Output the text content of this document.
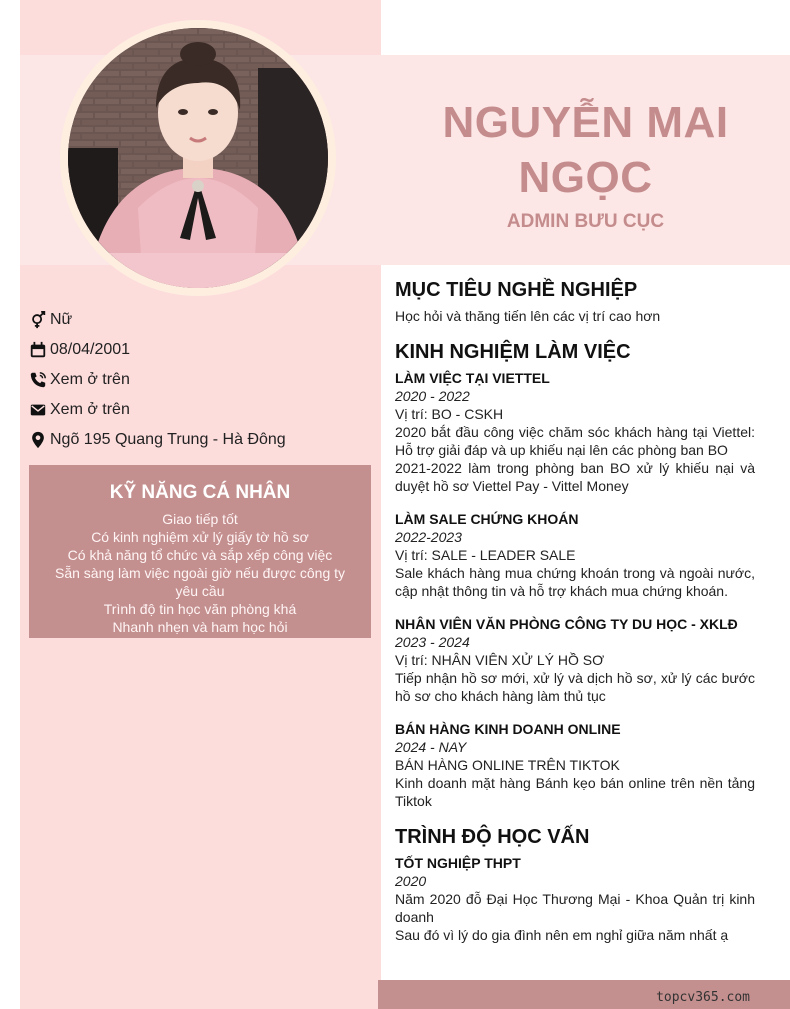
NGUYỄN MAI
NGỌC
ADMIN BƯU CỤC
Nữ
08/04/2001
Xem ở trên
Xem ở trên
Ngõ 195 Quang Trung - Hà Đông
KỸ NĂNG CÁ NHÂN
Giao tiếp tốt
Có kinh nghiệm xử lý giấy tờ hồ sơ
Có khả năng tổ chức và sắp xếp công việc
Sẵn sàng làm việc ngoài giờ nếu được công ty yêu cầu
Trình độ tin học văn phòng khá
Nhanh nhẹn và ham học hỏi
MỤC TIÊU NGHỀ NGHIỆP
Học hỏi và thăng tiến lên các vị trí cao hơn
KINH NGHIỆM LÀM VIỆC
LÀM VIỆC TẠI VIETTEL
2020 - 2022
Vị trí: BO - CSKH
2020 bắt đầu công việc chăm sóc khách hàng tại Viettel: Hỗ trợ giải đáp và up khiếu nại lên các phòng ban BO
2021-2022 làm trong phòng ban BO xử lý khiếu nại và duyệt hồ sơ Viettel Pay - Vittel Money
LÀM SALE CHỨNG KHOÁN
2022-2023
Vị trí: SALE - LEADER SALE
Sale khách hàng mua chứng khoán trong và ngoài nước, cập nhật thông tin và hỗ trợ khách mua chứng khoán.
NHÂN VIÊN VĂN PHÒNG CÔNG TY DU HỌC - XKLĐ
2023 - 2024
Vị trí: NHÂN VIÊN XỬ LÝ HỒ SƠ
Tiếp nhận hồ sơ mới, xử lý và dịch hồ sơ, xử lý các bước hồ sơ cho khách hàng làm thủ tục
BÁN HÀNG KINH DOANH ONLINE
2024 - NAY
BÁN HÀNG ONLINE TRÊN TIKTOK
Kinh doanh mặt hàng Bánh kẹo bán online trên nền tảng Tiktok
TRÌNH ĐỘ HỌC VẤN
TỐT NGHIỆP THPT
2020
Năm 2020 đỗ Đại Học Thương Mại - Khoa Quản trị kinh doanh
Sau đó vì lý do gia đình nên em nghỉ giữa năm nhất ạ
topcv365.com
